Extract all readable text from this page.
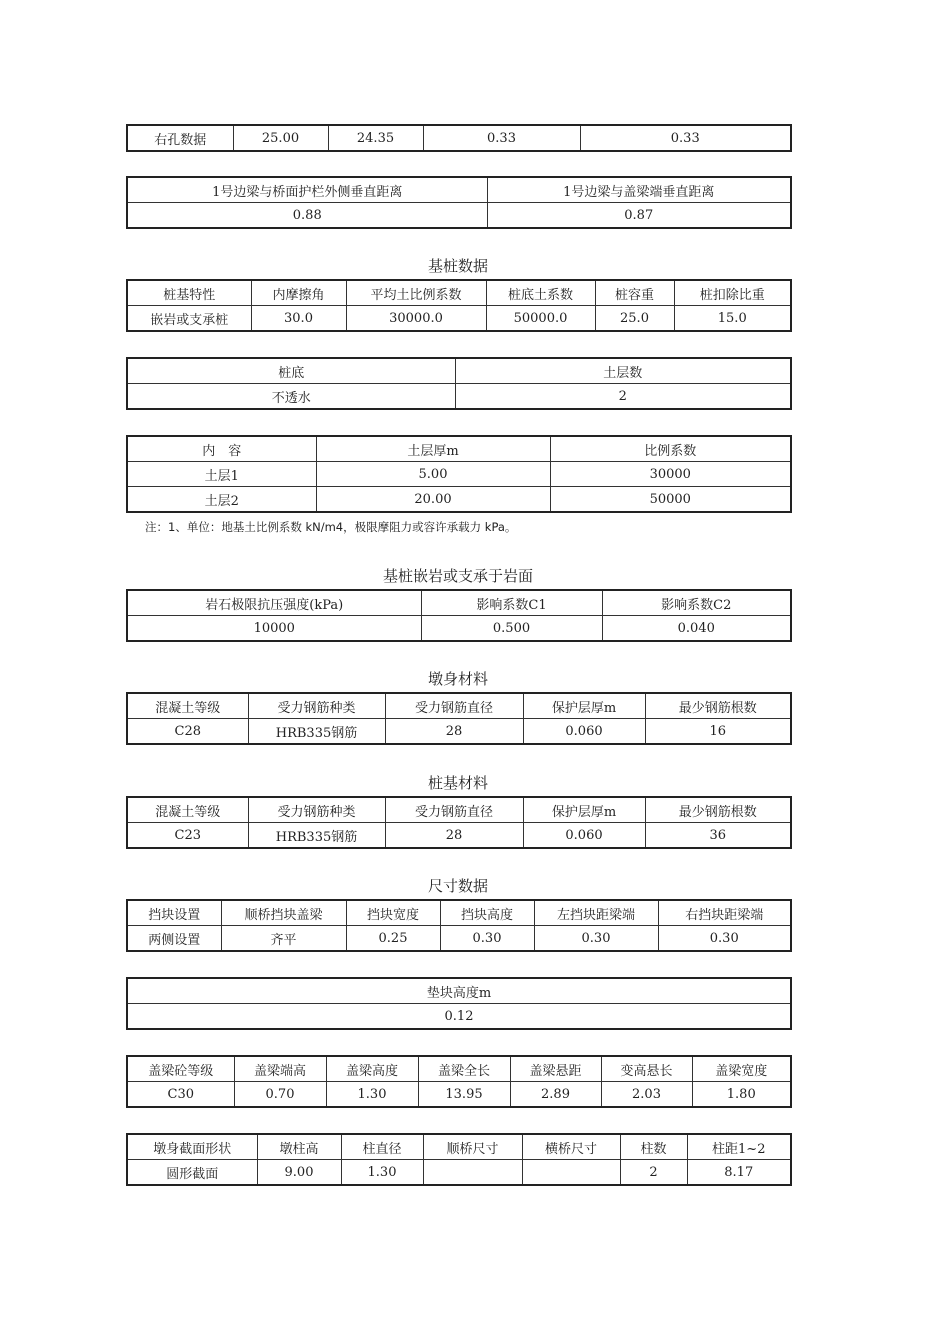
右孔数据	25.00	24.35	0.33	0.33
1号边梁与桥面护栏外侧垂直距离	1号边梁与盖梁端垂直距离
0.88	0.87
基桩数据
桩基特性	内摩擦角	平均土比例系数	桩底土系数	桩容重	桩扣除比重
嵌岩或支承桩	30.0	30000.0	50000.0	25.0	15.0
桩底	土层数
不透水	2
内　容	土层厚m	比例系数
土层1	5.00	30000
土层2	20.00	50000
注：1、单位：地基土比例系数 kN/m4，极限摩阻力或容许承载力 kPa。
基桩嵌岩或支承于岩面
岩石极限抗压强度(kPa)	影响系数C1	影响系数C2
10000	0.500	0.040
墩身材料
混凝土等级	受力钢筋种类	受力钢筋直径	保护层厚m	最少钢筋根数
C28	HRB335钢筋	28	0.060	16
桩基材料
混凝土等级	受力钢筋种类	受力钢筋直径	保护层厚m	最少钢筋根数
C23	HRB335钢筋	28	0.060	36
尺寸数据
挡块设置	顺桥挡块盖梁	挡块宽度	挡块高度	左挡块距梁端	右挡块距梁端
两侧设置	齐平	0.25	0.30	0.30	0.30
垫块高度m
0.12
盖梁砼等级	盖梁端高	盖梁高度	盖梁全长	盖梁悬距	变高悬长	盖梁宽度
C30	0.70	1.30	13.95	2.89	2.03	1.80
墩身截面形状	墩柱高	柱直径	顺桥尺寸	横桥尺寸	柱数	柱距1~2
圆形截面	9.00	1.30			2	8.17
